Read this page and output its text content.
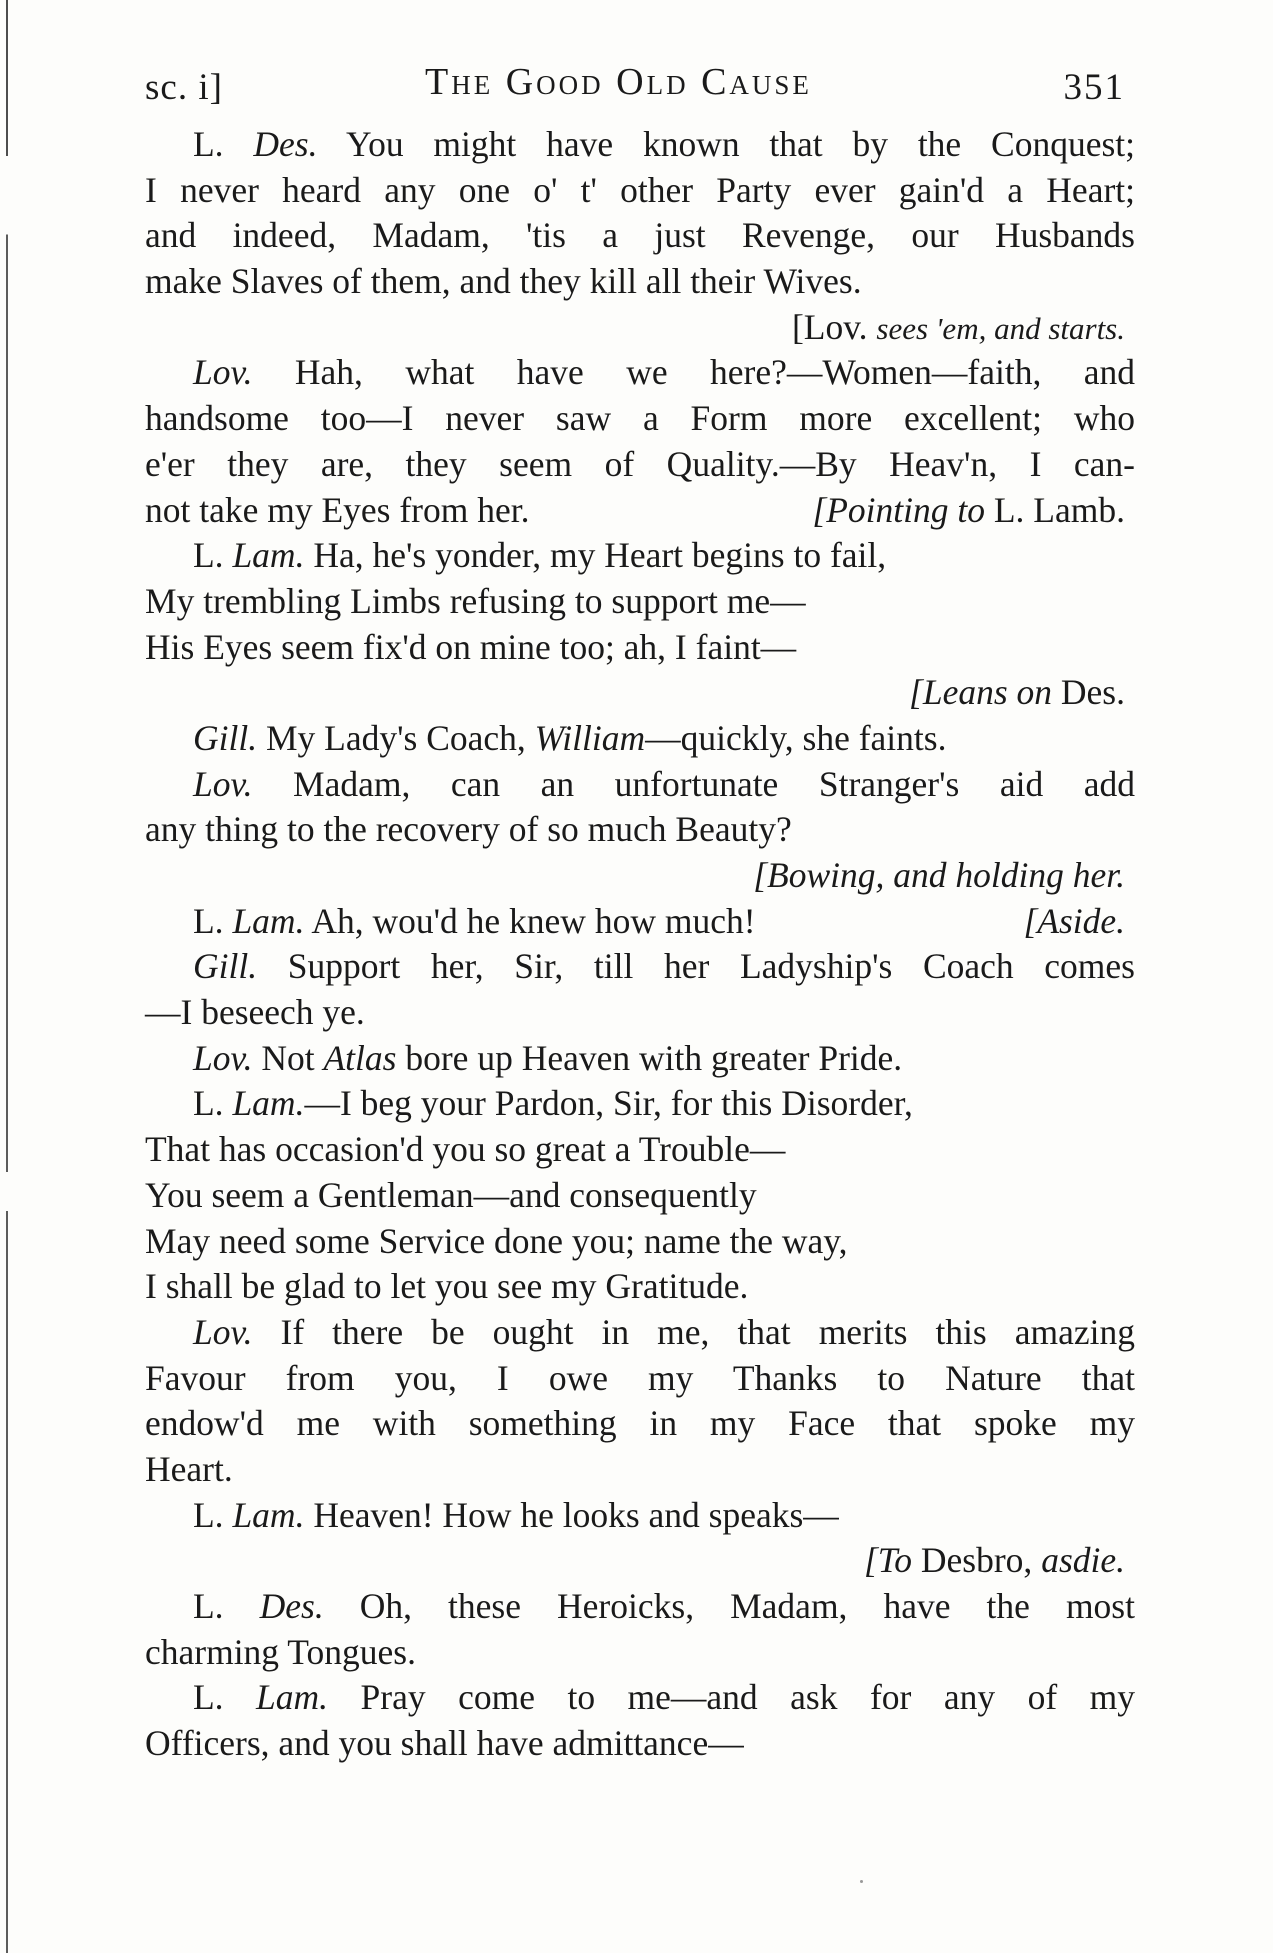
sc. i]	The Good Old Cause	351
L. Des. You might have known that by the Conquest;
I never heard any one o' t' other Party ever gain'd a Heart;
and indeed, Madam, 'tis a just Revenge, our Husbands
make Slaves of them, and they kill all their Wives.
[Lov. sees 'em, and starts.
Lov. Hah, what have we here?—Women—faith, and
handsome too—I never saw a Form more excellent; who
e'er they are, they seem of Quality.—By Heav'n, I can-
not take my Eyes from her.	[Pointing to L. Lamb.
L. Lam. Ha, he's yonder, my Heart begins to fail,
My trembling Limbs refusing to support me—
His Eyes seem fix'd on mine too; ah, I faint—
[Leans on Des.
Gill. My Lady's Coach, William—quickly, she faints.
Lov. Madam, can an unfortunate Stranger's aid add
any thing to the recovery of so much Beauty?
[Bowing, and holding her.
L. Lam. Ah, wou'd he knew how much!	[Aside.
Gill. Support her, Sir, till her Ladyship's Coach comes
—I beseech ye.
Lov. Not Atlas bore up Heaven with greater Pride.
L. Lam.—I beg your Pardon, Sir, for this Disorder,
That has occasion'd you so great a Trouble—
You seem a Gentleman—and consequently
May need some Service done you; name the way,
I shall be glad to let you see my Gratitude.
Lov. If there be ought in me, that merits this amazing
Favour from you, I owe my Thanks to Nature that
endow'd me with something in my Face that spoke my
Heart.
L. Lam. Heaven! How he looks and speaks—
[To Desbro, asdie.
L. Des. Oh, these Heroicks, Madam, have the most
charming Tongues.
L. Lam. Pray come to me—and ask for any of my
Officers, and you shall have admittance—
